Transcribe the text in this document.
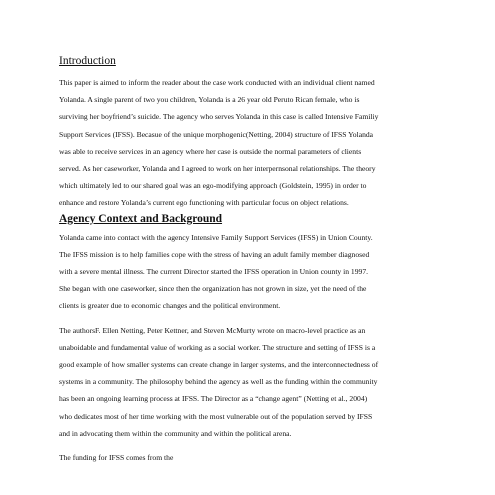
Introduction
This paper is aimed to inform the reader about the case work conducted with an individual client named
Yolanda. A single parent of two you children, Yolanda is a 26 year old Peruto Rican female, who is
surviving her boyfriend’s suicide. The agency who serves Yolanda in this case is called Intensive Familiy
Support Services (IFSS). Becasue of the unique morphogenic(Netting, 2004) structure of IFSS Yolanda
was able to receive services in an agency where her case is outside the normal parameters of clients
served. As her caseworker, Yolanda and I agreed to work on her interpernsonal relationships. The theory
which ultimately led to our shared goal was an ego-modifying approach (Goldstein, 1995) in order to
enhance and restore Yolanda’s current ego functioning with particular focus on object relations.
Agency Context and Background
Yolanda came into contact with the agency Intensive Family Support Services (IFSS) in Union County.
The IFSS mission is to help families cope with the stress of having an adult family member diagnosed
with a severe mental illness. The current Director started the IFSS operation in Union county in 1997.
She began with one caseworker, since then the organization has not grown in size, yet the need of the
clients is greater due to economic changes and the political environment.
The authorsF. Ellen Netting, Peter Kettner, and Steven McMurty wrote on macro-level practice as an
unaboidable and fundamental value of working as a social worker. The structure and setting of IFSS is a
good example of how smaller systems can create change in larger systems, and the interconnectedness of
systems in a community. The philosophy behind the agency as well as the funding within the community
has been an ongoing learning process at IFSS. The Director as a “change agent” (Netting et al., 2004)
who dedicates most of her time working with the most vulnerable out of the population served by IFSS
and in advocating them within the community and within the political arena.
The funding for IFSS comes from the
